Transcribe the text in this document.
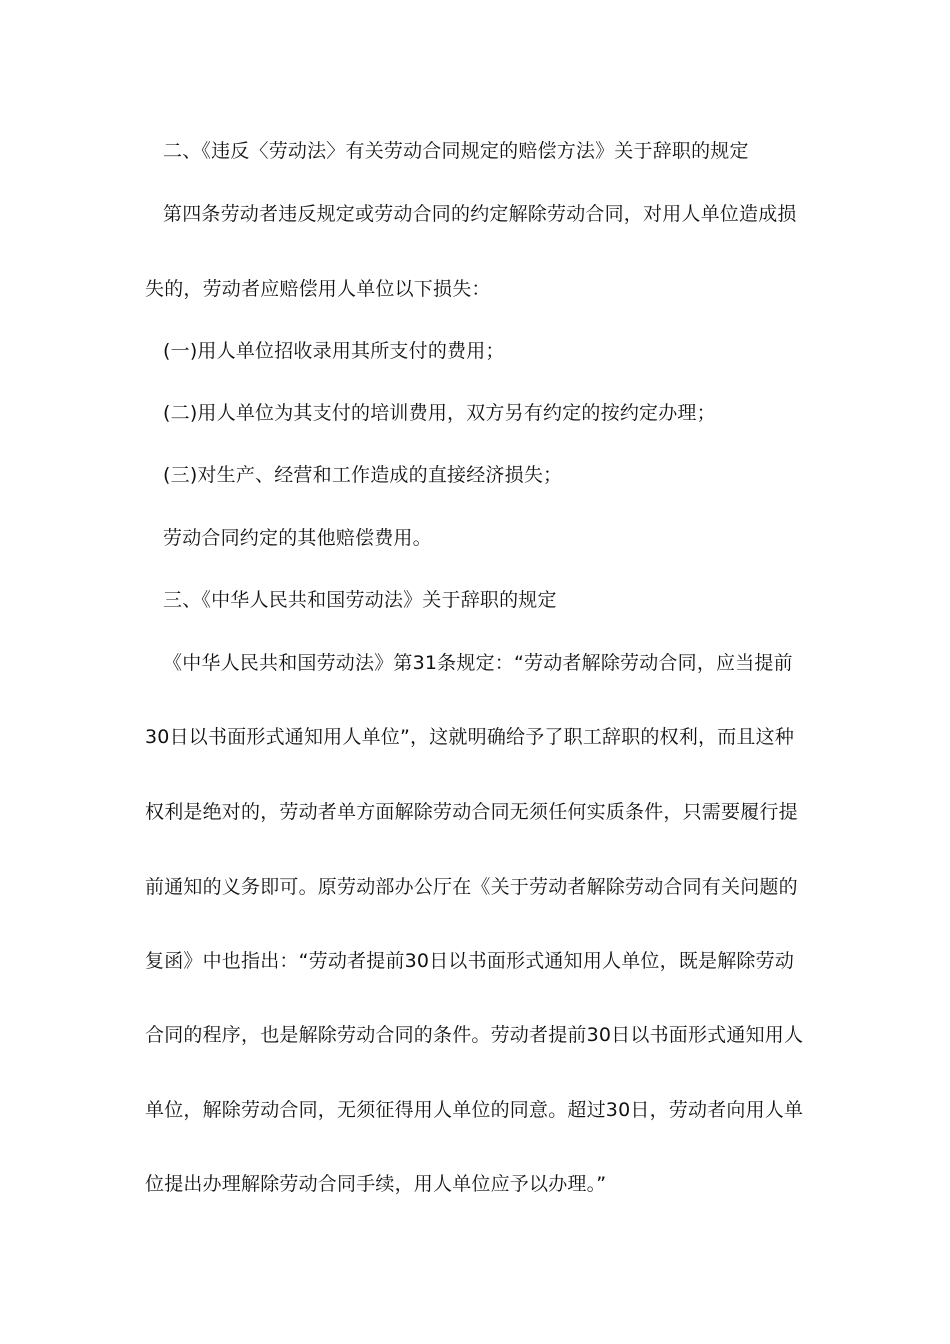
二、《违反〈劳动法〉有关劳动合同规定的赔偿方法》关于辞职的规定
第四条劳动者违反规定或劳动合同的约定解除劳动合同，对用人单位造成损
失的，劳动者应赔偿用人单位以下损失：
(一)用人单位招收录用其所支付的费用；
(二)用人单位为其支付的培训费用，双方另有约定的按约定办理；
(三)对生产、经营和工作造成的直接经济损失；
劳动合同约定的其他赔偿费用。
三、《中华人民共和国劳动法》关于辞职的规定
《中华人民共和国劳动法》第31条规定：“劳动者解除劳动合同，应当提前
30日以书面形式通知用人单位”，这就明确给予了职工辞职的权利，而且这种
权利是绝对的，劳动者单方面解除劳动合同无须任何实质条件，只需要履行提
前通知的义务即可。原劳动部办公厅在《关于劳动者解除劳动合同有关问题的
复函》中也指出：“劳动者提前30日以书面形式通知用人单位，既是解除劳动
合同的程序，也是解除劳动合同的条件。劳动者提前30日以书面形式通知用人
单位，解除劳动合同，无须征得用人单位的同意。超过30日，劳动者向用人单
位提出办理解除劳动合同手续，用人单位应予以办理。”
